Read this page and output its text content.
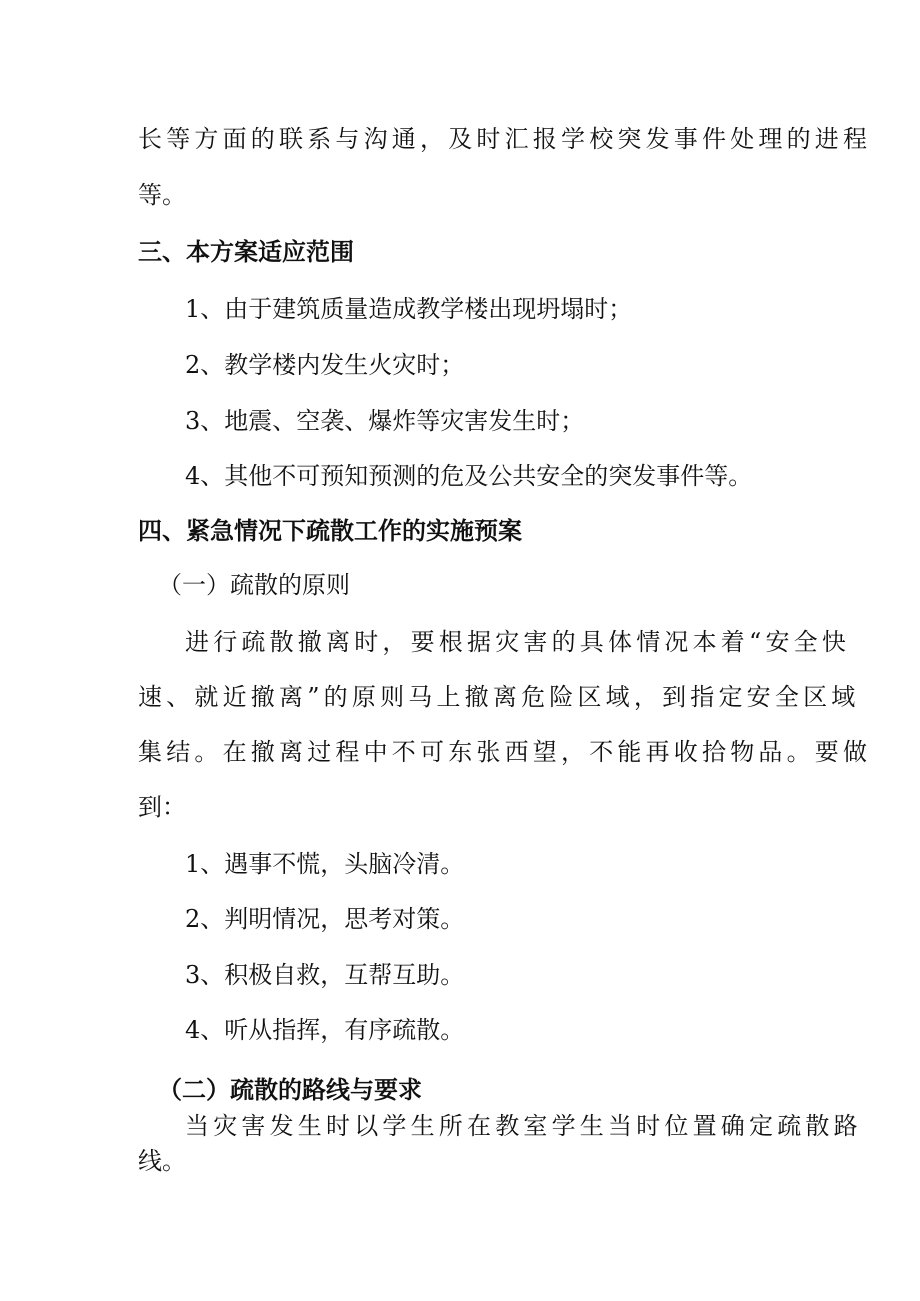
长等方面的联系与沟通，及时汇报学校突发事件处理的进程
等。
三、本方案适应范围
1、由于建筑质量造成教学楼出现坍塌时；
2、教学楼内发生火灾时；
3、地震、空袭、爆炸等灾害发生时；
4、其他不可预知预测的危及公共安全的突发事件等。
四、紧急情况下疏散工作的实施预案
（一）疏散的原则
进行疏散撤离时，要根据灾害的具体情况本着“安全快
速、就近撤离”的原则马上撤离危险区域，到指定安全区域
集结。在撤离过程中不可东张西望，不能再收拾物品。要做
到：
1、遇事不慌，头脑冷清。
2、判明情况，思考对策。
3、积极自救，互帮互助。
4、听从指挥，有序疏散。
（二）疏散的路线与要求
当灾害发生时以学生所在教室学生当时位置确定疏散路
线。
